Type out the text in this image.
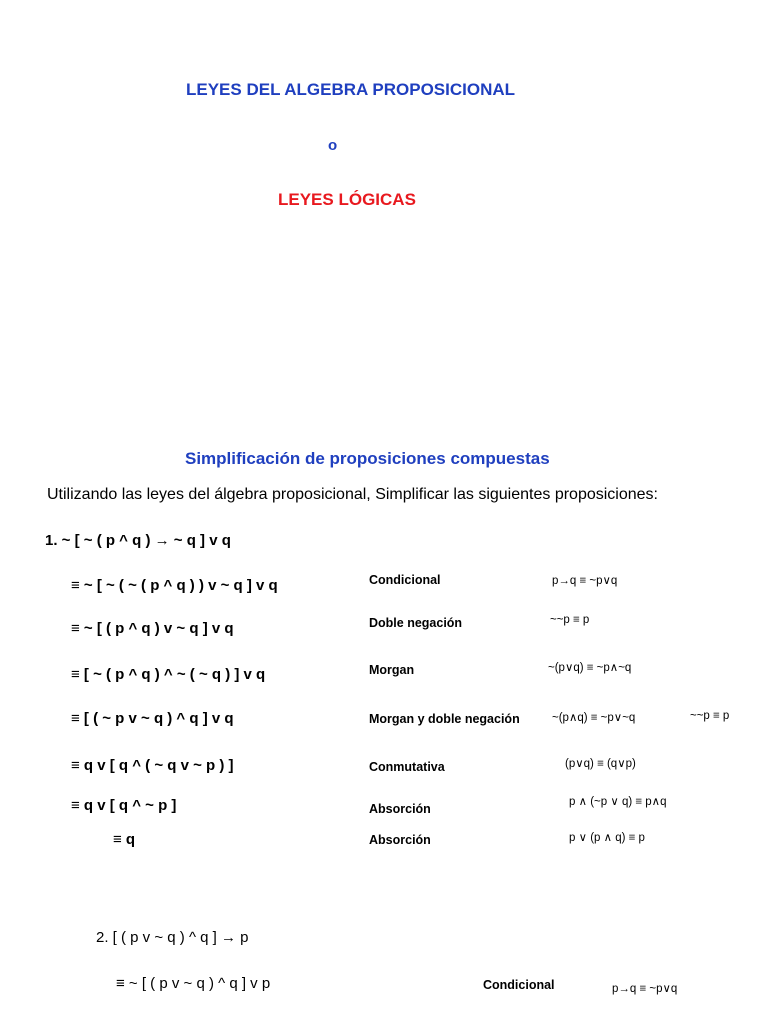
LEYES DEL ALGEBRA PROPOSICIONAL
o
LEYES LÓGICAS
Simplificación de proposiciones compuestas
Utilizando las leyes del álgebra proposicional, Simplificar las siguientes proposiciones:
1. ~ [ ~ ( p ^ q ) → ~ q ] v q
≡ ~ [ ~ ( ~ ( p ^ q ) ) v ~ q ] v q	Condicional	p→q ≡ ~p∨q
≡ ~ [ ( p ^ q ) v ~ q ] v q	Doble negación	~~p ≡ p
≡ [ ~ ( p ^ q ) ^ ~ ( ~ q ) ] v q	Morgan	~(p∨q) ≡ ~p∧~q
≡ [ ( ~ p v ~ q ) ^ q ] v q	Morgan y doble negación	~(p∧q) ≡ ~p∨~q	~~p ≡ p
≡ q v [ q ^ ( ~ q v ~ p ) ]	Conmutativa	(p∨q) ≡ (q∨p)
≡ q v [ q ^ ~ p ]	Absorción	p ∧ (~p ∨ q) ≡ p∧q
≡ q	Absorción	p ∨ (p ∧ q) ≡ p
2. [ ( p v ~ q ) ^ q ] → p
≡ ~ [ ( p v ~ q ) ^ q ] v p	Condicional	p→q ≡ ~p∨q
